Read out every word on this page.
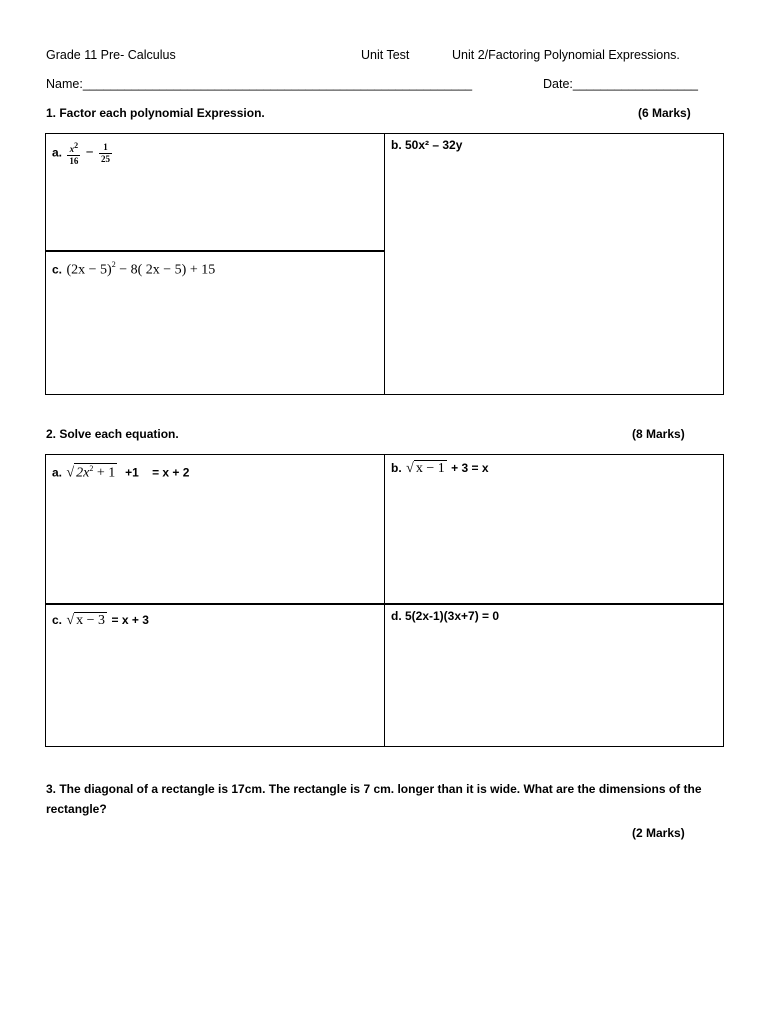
Grade 11 Pre- Calculus	Unit Test	Unit 2/Factoring Polynomial Expressions.
Name:________________________________________________________	Date:__________________
1. Factor each polynomial Expression.	(6 Marks)
a. $\frac{x^2}{16} - \frac{1}{25}$	b. 50x² – 32y
c. $(2x - 5)^2 - 8$( 2x − 5) + 15
2. Solve each equation.	(8 Marks)
a. √ $2x^2 + 1 +1$    = x + 2	b. √ x − 1 + 3 = x
c. √ x − 3 = x + 3	d. 5(2x-1)(3x+7) = 0
3. The diagonal of a rectangle is 17cm. The rectangle is 7 cm. longer than it is wide. What are the dimensions of the rectangle?
(2 Marks)
